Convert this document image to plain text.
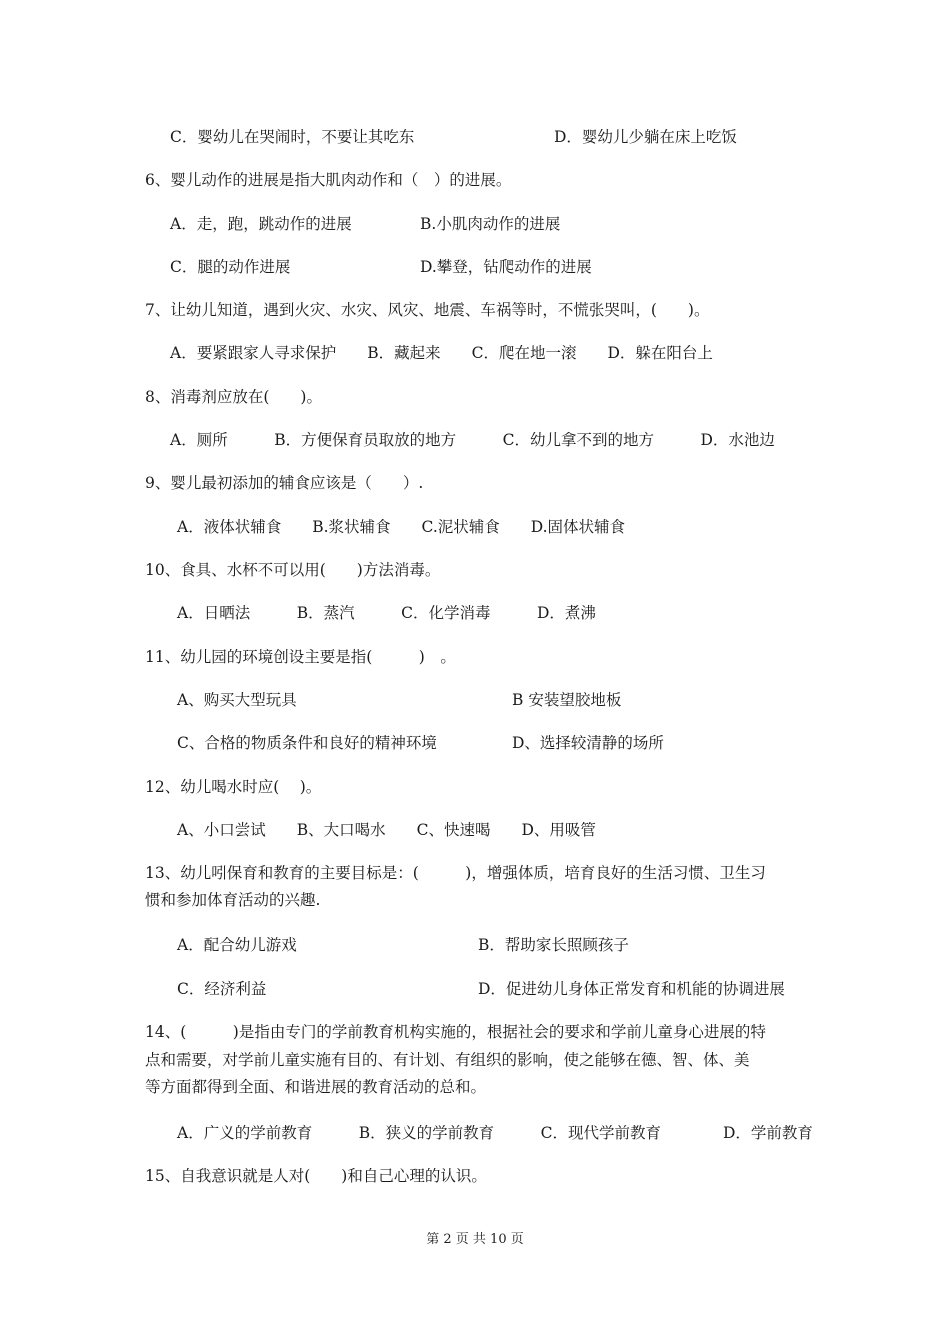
C．婴幼儿在哭闹时，不要让其吃东	D．婴幼儿少躺在床上吃饭
6、婴儿动作的进展是指大肌肉动作和（　）的进展。
A．走，跑，跳动作的进展	B.小肌肉动作的进展
C．腿的动作进展	D.攀登，钻爬动作的进展
7、让幼儿知道，遇到火灾、水灾、风灾、地震、车祸等时，不慌张哭叫，(　　)。
A．要紧跟家人寻求保护　　B．藏起来　　C．爬在地一滚　　D．躲在阳台上
8、消毒剂应放在(　　)。
A．厕所　　　B．方便保育员取放的地方　　　C．幼儿拿不到的地方　　　D．水池边
9、婴儿最初添加的辅食应该是（　　）.
A．液体状辅食　　B.浆状辅食　　C.泥状辅食　　D.固体状辅食
10、食具、水杯不可以用(　　)方法消毒。
A．日晒法　　　B．蒸汽　　　C．化学消毒　　　D．煮沸
11、幼儿园的环境创设主要是指(　　　)　。
A、购买大型玩具	B 安装望胶地板
C、合格的物质条件和良好的精神环境	D、选择较清静的场所
12、幼儿喝水时应(　 )。
A、小口尝试　　B、大口喝水　　C、快速喝　　D、用吸管
13、幼儿吲保育和教育的主要目标是：(　　　)，增强体质，培育良好的生活习惯、卫生习
惯和参加体育活动的兴趣.
A．配合幼儿游戏	B．帮助家长照顾孩子
C．经济利益	D．促进幼儿身体正常发育和机能的协调进展
14、(　　　)是指由专门的学前教育机构实施的，根据社会的要求和学前儿童身心进展的特
点和需要，对学前儿童实施有目的、有计划、有组织的影响，使之能够在德、智、体、美
等方面都得到全面、和谐进展的教育活动的总和。
A．广义的学前教育　　　B．狭义的学前教育　　　C．现代学前教育　　　　D．学前教育
15、自我意识就是人对(　　)和自己心理的认识。
第 2 页 共 10 页
